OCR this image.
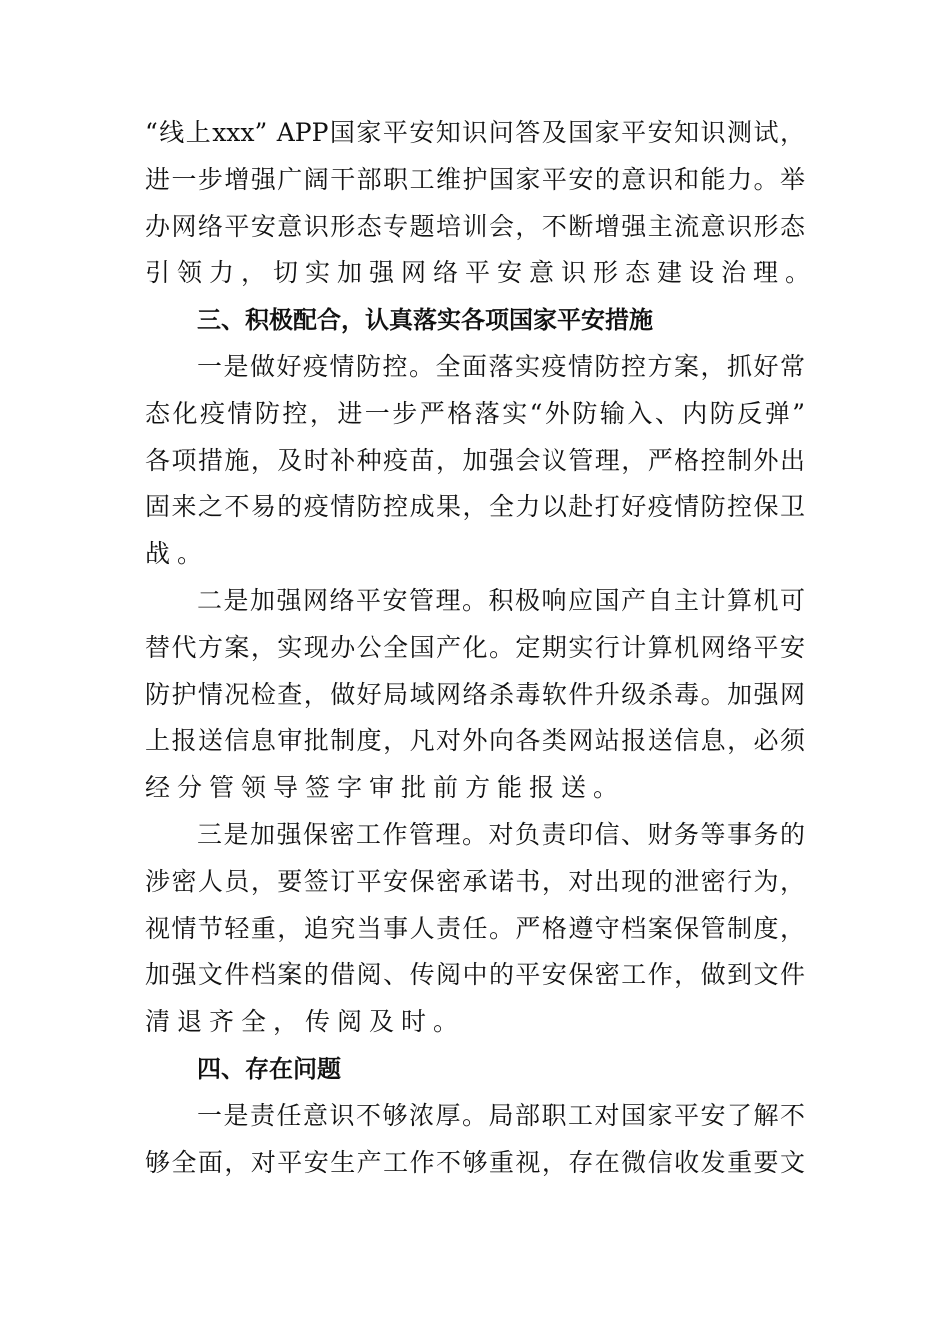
“线上xxx” APP国家平安知识问答及国家平安知识测试，
进一步增强广阔干部职工维护国家平安的意识和能力。举
办网络平安意识形态专题培训会，不断增强主流意识形态
引领力，切实加强网络平安意识形态建设治理。
三、积极配合，认真落实各项国家平安措施
一是做好疫情防控。全面落实疫情防控方案，抓好常
态化疫情防控，进一步严格落实“外防输入、内防反弹”
各项措施，及时补种疫苗，加强会议管理，严格控制外出
固来之不易的疫情防控成果，全力以赴打好疫情防控保卫
战。
二是加强网络平安管理。积极响应国产自主计算机可
替代方案，实现办公全国产化。定期实行计算机网络平安
防护情况检查，做好局域网络杀毒软件升级杀毒。加强网
上报送信息审批制度，凡对外向各类网站报送信息，必须
经分管领导签字审批前方能报送。
三是加强保密工作管理。对负责印信、财务等事务的
涉密人员，要签订平安保密承诺书，对出现的泄密行为，
视情节轻重，追究当事人责任。严格遵守档案保管制度，
加强文件档案的借阅、传阅中的平安保密工作，做到文件
清退齐全，传阅及时。
四、存在问题
一是责任意识不够浓厚。局部职工对国家平安了解不
够全面，对平安生产工作不够重视，存在微信收发重要文
